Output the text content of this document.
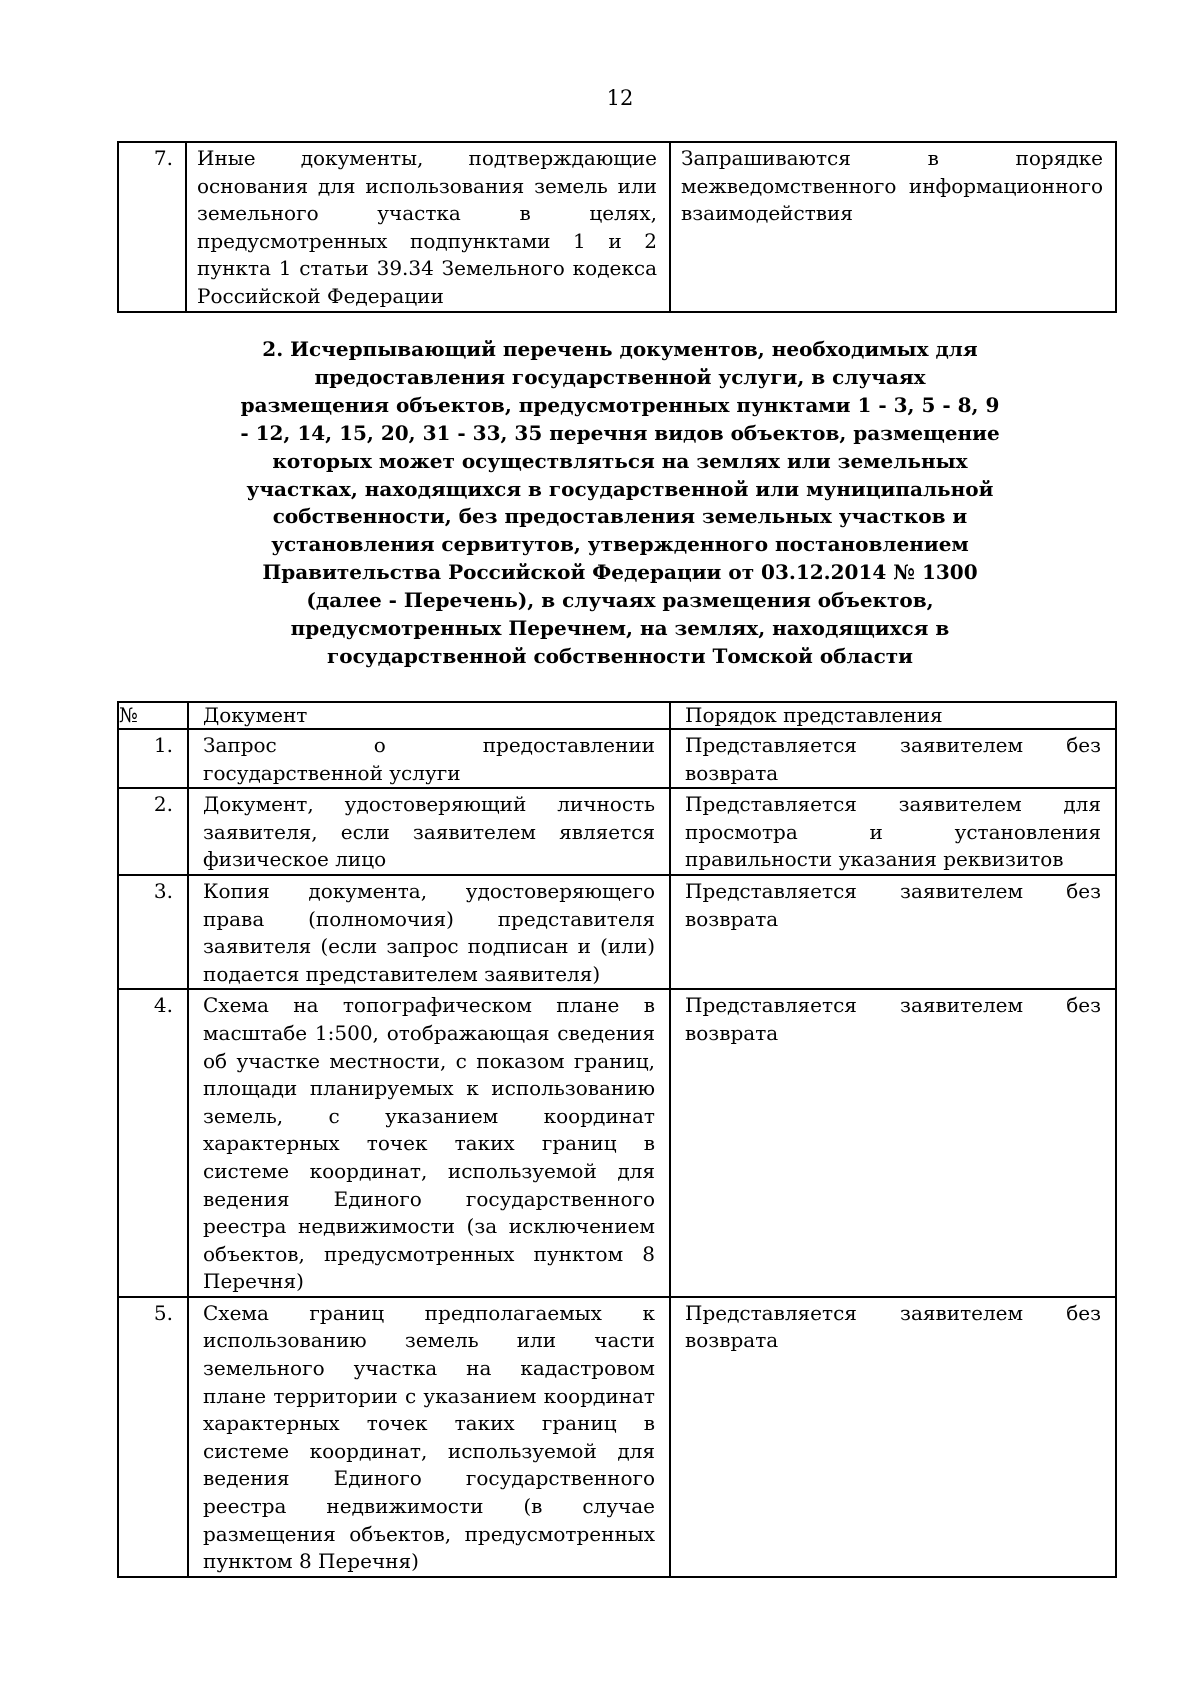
12
7.	Иные документы, подтверждающие основания для использования земель или земельного участка в целях, предусмотренных подпунктами 1 и 2 пункта 1 статьи 39.34 Земельного кодекса Российской Федерации	Запрашиваются в порядке межведомственного информационного взаимодействия
2. Исчерпывающий перечень документов, необходимых для предоставления государственной услуги, в случаях размещения объектов, предусмотренных пунктами 1 - 3, 5 - 8, 9 - 12, 14, 15, 20, 31 - 33, 35 перечня видов объектов, размещение которых может осуществляться на землях или земельных участках, находящихся в государственной или муниципальной собственности, без предоставления земельных участков и установления сервитутов, утвержденного постановлением Правительства Российской Федерации от 03.12.2014 № 1300 (далее - Перечень), в случаях размещения объектов, предусмотренных Перечнем, на землях, находящихся в государственной собственности Томской области
№	Документ	Порядок представления
1.	Запрос о предоставлении государственной услуги	Представляется заявителем без возврата
2.	Документ, удостоверяющий личность заявителя, если заявителем является физическое лицо	Представляется заявителем для просмотра и установления правильности указания реквизитов
3.	Копия документа, удостоверяющего права (полномочия) представителя заявителя (если запрос подписан и (или) подается представителем заявителя)	Представляется заявителем без возврата
4.	Схема на топографическом плане в масштабе 1:500, отображающая сведения об участке местности, с показом границ, площади планируемых к использованию земель, с указанием координат характерных точек таких границ в системе координат, используемой для ведения Единого государственного реестра недвижимости (за исключением объектов, предусмотренных пунктом 8 Перечня)	Представляется заявителем без возврата
5.	Схема границ предполагаемых к использованию земель или части земельного участка на кадастровом плане территории с указанием координат характерных точек таких границ в системе координат, используемой для ведения Единого государственного реестра недвижимости (в случае размещения объектов, предусмотренных пунктом 8 Перечня)	Представляется заявителем без возврата
